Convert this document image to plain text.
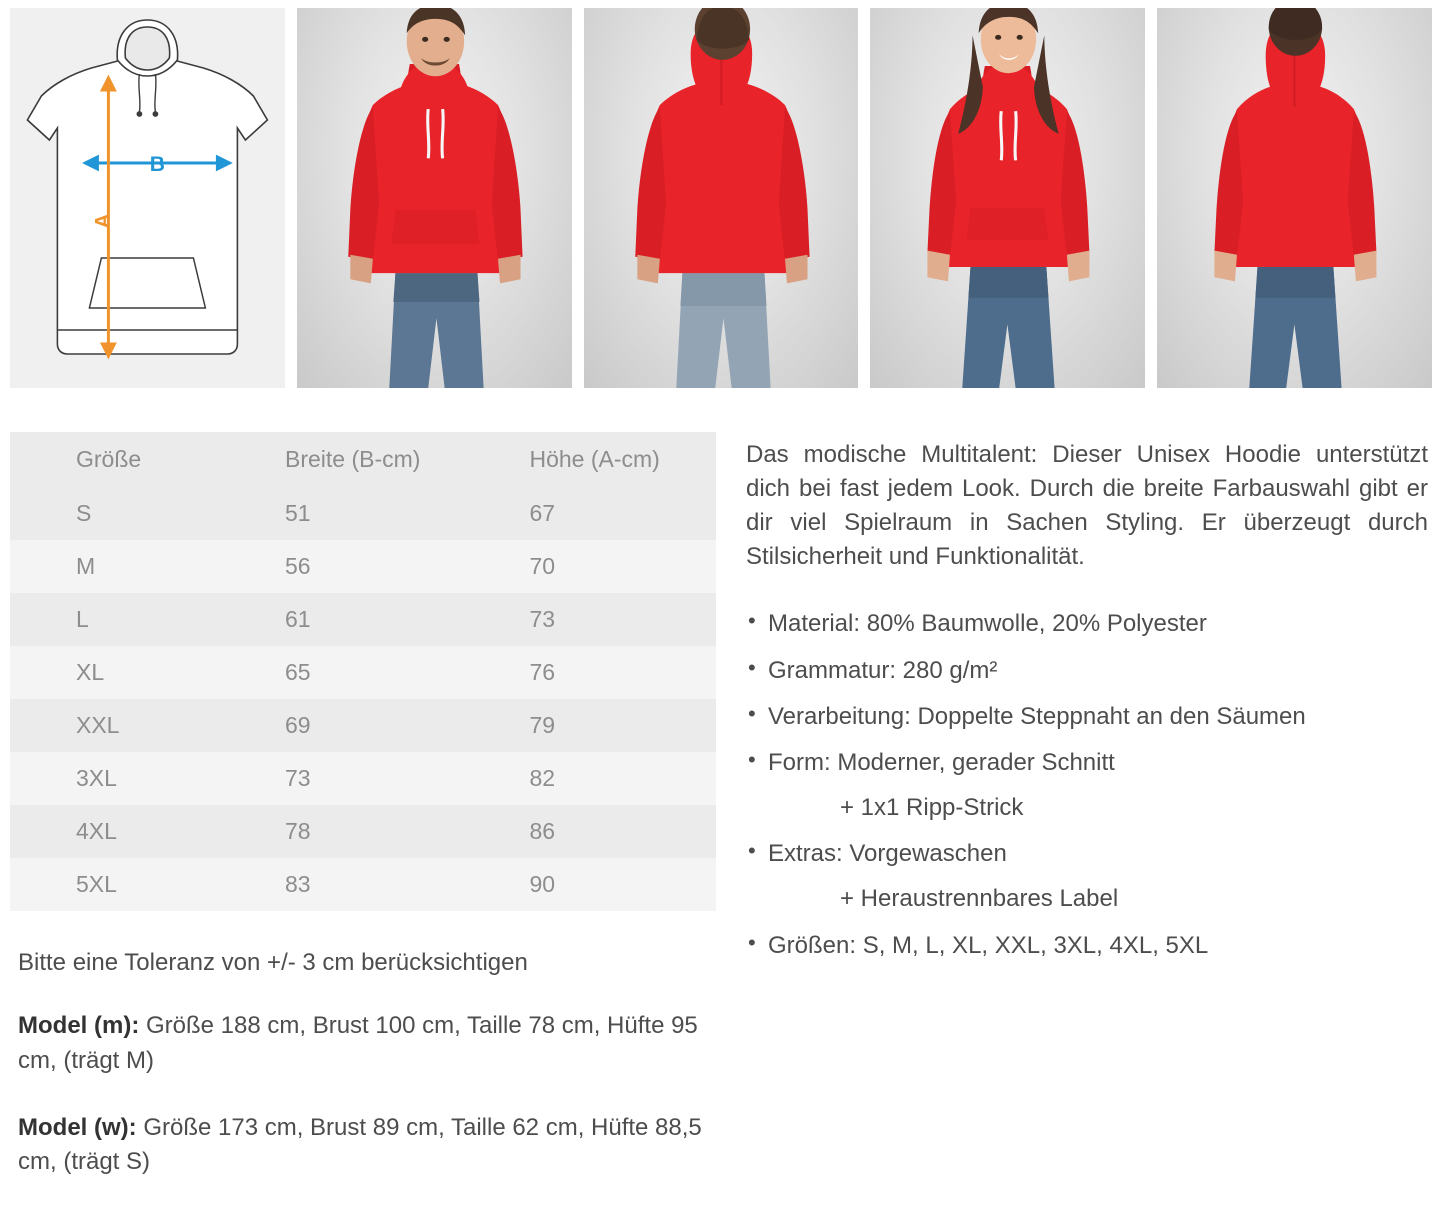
B
A
Größe	Breite (B-cm)	Höhe (A-cm)
S	51	67
M	56	70
L	61	73
XL	65	76
XXL	69	79
3XL	73	82
4XL	78	86
5XL	83	90

Bitte eine Toleranz von +/- 3 cm berücksichtigen

Model (m): Größe 188 cm, Brust 100 cm, Taille 78 cm, Hüfte 95 cm, (trägt M)

Model (w): Größe 173 cm, Brust 89 cm, Taille 62 cm, Hüfte 88,5 cm, (trägt S)

Das modische Multitalent: Dieser Unisex Hoodie unterstützt dich bei fast jedem Look. Durch die breite Farbauswahl gibt er dir viel Spielraum in Sachen Styling. Er überzeugt durch Stilsicherheit und Funktionalität.

• Material: 80% Baumwolle, 20% Polyester
• Grammatur: 280 g/m²
• Verarbeitung: Doppelte Steppnaht an den Säumen
• Form: Moderner, gerader Schnitt
+ 1x1 Ripp-Strick
• Extras: Vorgewaschen
+ Heraustrennbares Label
• Größen: S, M, L, XL, XXL, 3XL, 4XL, 5XL
